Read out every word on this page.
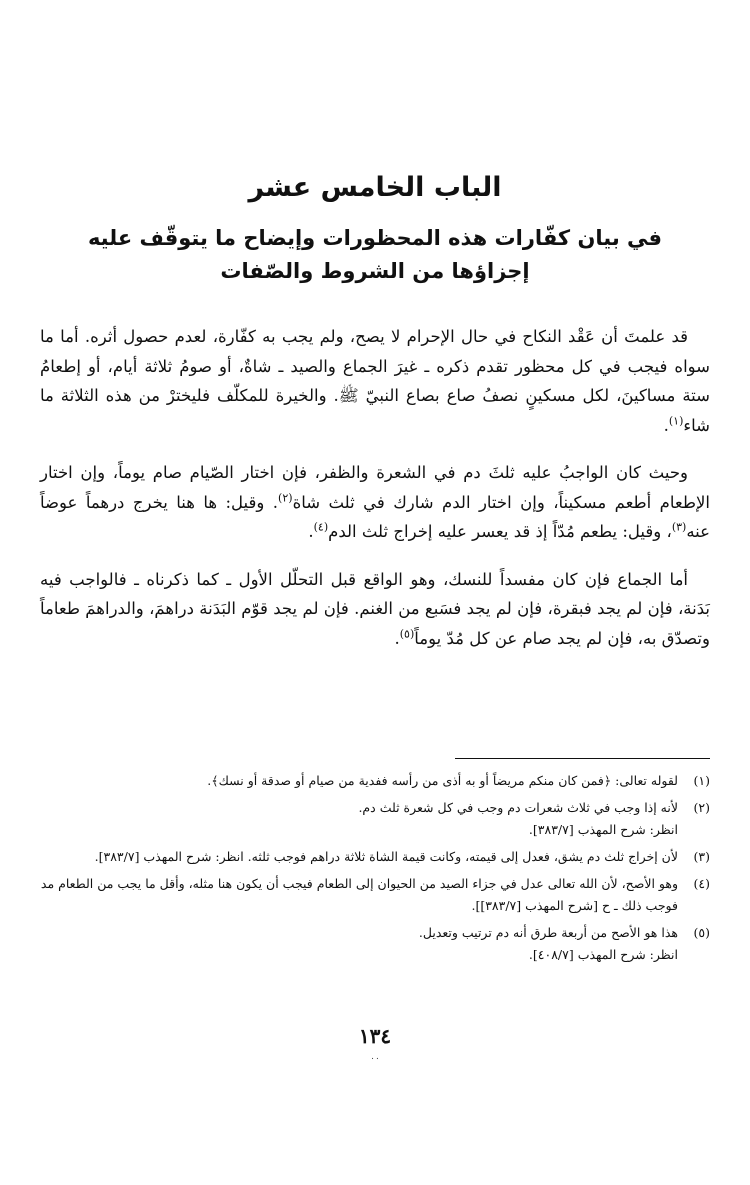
الباب الخامس عشر
في بيان كفّارات هذه المحظورات وإيضاح ما يتوقّف عليه
إجزاؤها من الشروط والصّفات

قد علمتَ أن عَقْد النكاح في حال الإحرام لا يصح، ولم يجب به كفّارة، لعدم حصول أثره. أما ما سواه فيجب في كل محظور تقدم ذكره ـ غيرَ الجماع والصيد ـ شاةٌ، أو صومُ ثلاثة أيام، أو إطعامُ ستة مساكينَ، لكل مسكينٍ نصفُ صاع بصاع النبيّ ﷺ. والخيرة للمكلّف فليخترْ من هذه الثلاثة ما شاء$^{(١)}$.

وحيث كان الواجبُ عليه ثلثَ دم في الشعرة والظفر، فإن اختار الصّيام صام يوماً، وإن اختار الإطعام أطعم مسكيناً، وإن اختار الدم شارك في ثلث شاة$^{(٢)}$. وقيل: ها هنا يخرج درهماً عوضاً عنه$^{(٣)}$، وقيل: يطعم مُدّاً إذ قد يعسر عليه إخراج ثلث الدم$^{(٤)}$.

أما الجماع فإن كان مفسداً للنسك، وهو الواقع قبل التحلّل الأول ـ كما ذكرناه ـ فالواجب فيه بَدَنة، فإن لم يجد فبقرة، فإن لم يجد فسَبع من الغنم. فإن لم يجد قوّم البَدَنة دراهمَ، والدراهمَ طعاماً وتصدّق به، فإن لم يجد صام عن كل مُدّ يوماً$^{(٥)}$.

(١)
لقوله تعالى: ﴿فمن كان منكم مريضاً أو به أذى من رأسه ففدية من صيام أو صدقة أو نسك﴾.
(٢)
لأنه إذا وجب في ثلاث شعرات دم وجب في كل شعرة ثلث دم.
انظر: شرح المهذب [٣٨٣/٧].
(٣)
لأن إخراج ثلث دم يشق، فعدل إلى قيمته، وكانت قيمة الشاة ثلاثة دراهم فوجب ثلثه. انظر: شرح المهذب [٣٨٣/٧].
(٤)
وهو الأصح، لأن الله تعالى عدل في جزاء الصيد من الحيوان إلى الطعام فيجب أن يكون هنا مثله، وأقل ما يجب من الطعام مد فوجب ذلك ـ ح [شرح المهذب [٣٨٣/٧]].
(٥)
هذا هو الأصح من أربعة طرق أنه دم ترتيب وتعديل.
انظر: شرح المهذب [٤٠٨/٧].
١٣٤
٠٠
